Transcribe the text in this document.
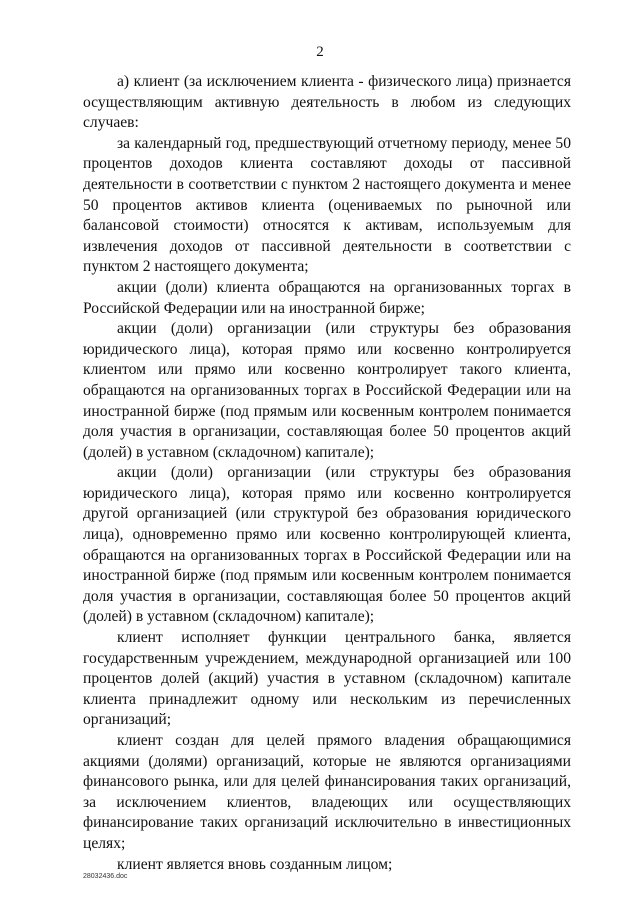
2

а) клиент (за исключением клиента - физического лица) признается осуществляющим активную деятельность в любом из следующих случаев:

за календарный год, предшествующий отчетному периоду, менее 50 процентов доходов клиента составляют доходы от пассивной деятельности в соответствии с пунктом 2 настоящего документа и менее 50 процентов активов клиента (оцениваемых по рыночной или балансовой стоимости) относятся к активам, используемым для извлечения доходов от пассивной деятельности в соответствии с пунктом 2 настоящего документа;

акции (доли) клиента обращаются на организованных торгах в Российской Федерации или на иностранной бирже;

акции (доли) организации (или структуры без образования юридического лица), которая прямо или косвенно контролируется клиентом или прямо или косвенно контролирует такого клиента, обращаются на организованных торгах в Российской Федерации или на иностранной бирже (под прямым или косвенным контролем понимается доля участия в организации, составляющая более 50 процентов акций (долей) в уставном (складочном) капитале);

акции (доли) организации (или структуры без образования юридического лица), которая прямо или косвенно контролируется другой организацией (или структурой без образования юридического лица), одновременно прямо или косвенно контролирующей клиента, обращаются на организованных торгах в Российской Федерации или на иностранной бирже (под прямым или косвенным контролем понимается доля участия в организации, составляющая более 50 процентов акций (долей) в уставном (складочном) капитале);

клиент исполняет функции центрального банка, является государственным учреждением, международной организацией или 100 процентов долей (акций) участия в уставном (складочном) капитале клиента принадлежит одному или нескольким из перечисленных организаций;

клиент создан для целей прямого владения обращающимися акциями (долями) организаций, которые не являются организациями финансового рынка, или для целей финансирования таких организаций, за исключением клиентов, владеющих или осуществляющих финансирование таких организаций исключительно в инвестиционных целях;

клиент является вновь созданным лицом;

28032436.doc
